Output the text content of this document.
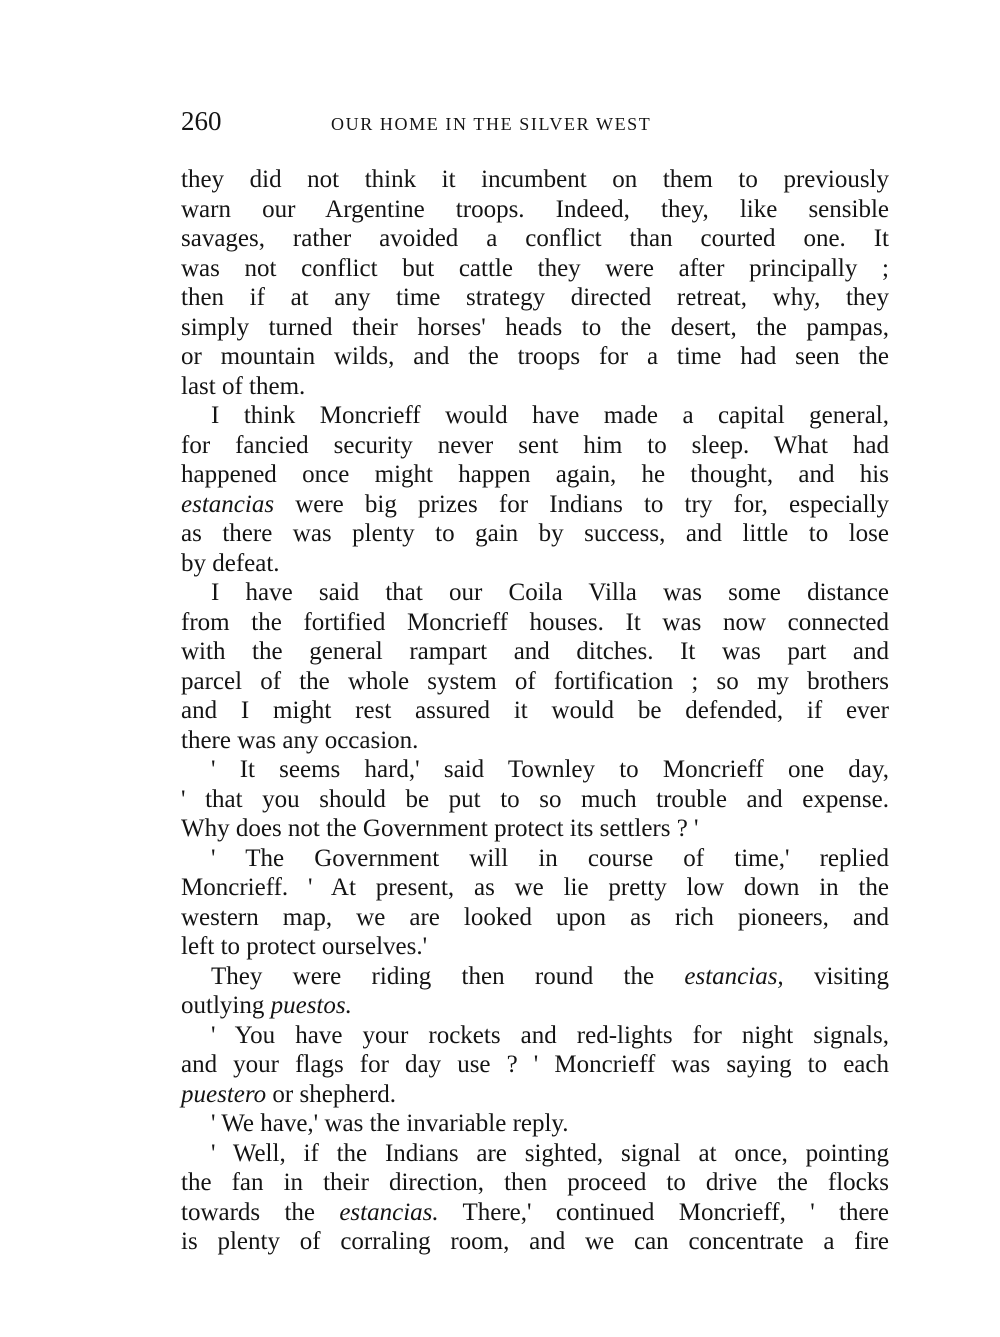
260	OUR HOME IN THE SILVER WEST
they did not think it incumbent on them to previously
warn our Argentine troops. Indeed, they, like sensible
savages, rather avoided a conflict than courted one. It
was not conflict but cattle they were after principally ;
then if at any time strategy directed retreat, why, they
simply turned their horses' heads to the desert, the pampas,
or mountain wilds, and the troops for a time had seen the
last of them.
I think Moncrieff would have made a capital general,
for fancied security never sent him to sleep. What had
happened once might happen again, he thought, and his
estancias were big prizes for Indians to try for, especially
as there was plenty to gain by success, and little to lose
by defeat.
I have said that our Coila Villa was some distance
from the fortified Moncrieff houses. It was now connected
with the general rampart and ditches. It was part and
parcel of the whole system of fortification ; so my brothers
and I might rest assured it would be defended, if ever
there was any occasion.
' It seems hard,' said Townley to Moncrieff one day,
' that you should be put to so much trouble and expense.
Why does not the Government protect its settlers ? '
' The Government will in course of time,' replied
Moncrieff. ' At present, as we lie pretty low down in the
western map, we are looked upon as rich pioneers, and
left to protect ourselves.'
They were riding then round the estancias, visiting
outlying puestos.
' You have your rockets and red-lights for night signals,
and your flags for day use ? ' Moncrieff was saying to each
puestero or shepherd.
' We have,' was the invariable reply.
' Well, if the Indians are sighted, signal at once, pointing
the fan in their direction, then proceed to drive the flocks
towards the estancias. There,' continued Moncrieff, ' there
is plenty of corraling room, and we can concentrate a fire
